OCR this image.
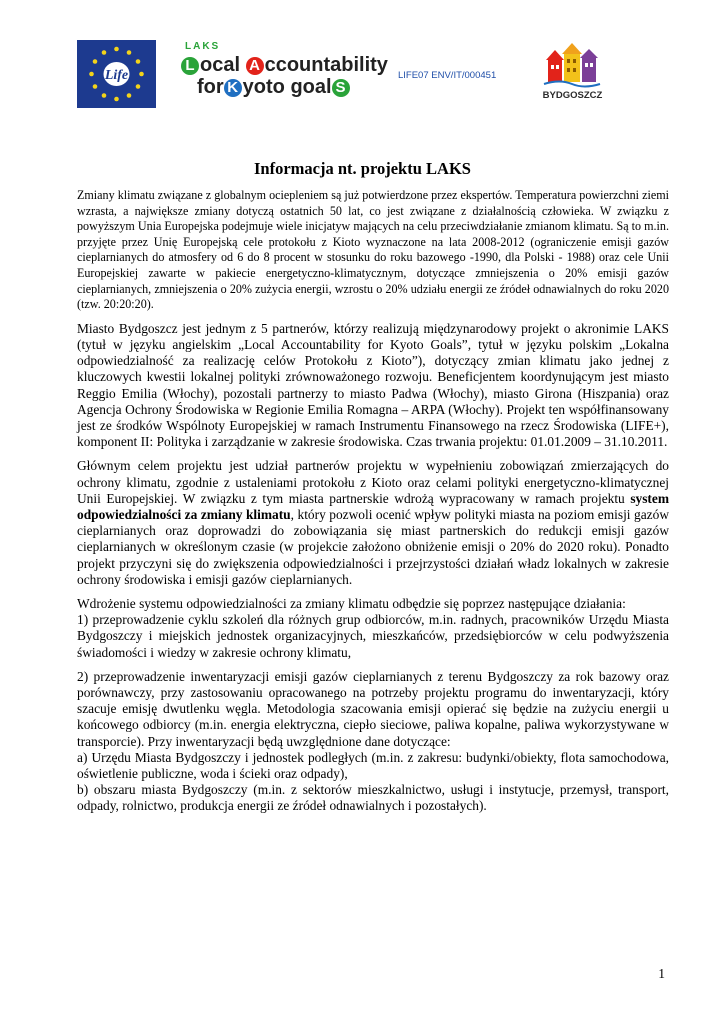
Life
LAKS
L ocal A ccountability
for K yoto goal S
LIFE07 ENV/IT/000451
BYDGOSZCZ
Informacja nt. projektu LAKS

Zmiany klimatu związane z globalnym ociepleniem są już potwierdzone przez ekspertów. Temperatura powierzchni ziemi wzrasta, a największe zmiany dotyczą ostatnich 50 lat, co jest związane z działalnością człowieka. W związku z powyższym Unia Europejska podejmuje wiele inicjatyw mających na celu przeciwdziałanie zmianom klimatu. Są to m.in. przyjęte przez Unię Europejską cele protokołu z Kioto wyznaczone na lata 2008-2012 (ograniczenie emisji gazów cieplarnianych do atmosfery od 6 do 8 procent w stosunku do roku bazowego -1990, dla Polski - 1988) oraz cele Unii Europejskiej zawarte w pakiecie energetyczno-klimatycznym, dotyczące zmniejszenia o 20% emisji gazów cieplarnianych, zmniejszenia o 20% zużycia energii, wzrostu o 20% udziału energii ze źródeł odnawialnych do roku 2020 (tzw. 20:20:20).

Miasto Bydgoszcz jest jednym z 5 partnerów, którzy realizują międzynarodowy projekt o akronimie LAKS (tytuł w języku angielskim „Local Accountability for Kyoto Goals”, tytuł w języku polskim „Lokalna odpowiedzialność za realizację celów Protokołu z Kioto”), dotyczący zmian klimatu jako jednej z kluczowych kwestii lokalnej polityki zrównoważonego rozwoju. Beneficjentem koordynującym jest miasto Reggio Emilia (Włochy), pozostali partnerzy to miasto Padwa (Włochy), miasto Girona (Hiszpania) oraz Agencja Ochrony Środowiska w Regionie Emilia Romagna – ARPA (Włochy). Projekt ten współfinansowany jest ze środków Wspólnoty Europejskiej w ramach Instrumentu Finansowego na rzecz Środowiska (LIFE+), komponent II: Polityka i zarządzanie w zakresie środowiska. Czas trwania projektu: 01.01.2009 – 31.10.2011.

Głównym celem projektu jest udział partnerów projektu w wypełnieniu zobowiązań zmierzających do ochrony klimatu, zgodnie z ustaleniami protokołu z Kioto oraz celami polityki energetyczno-klimatycznej Unii Europejskiej. W związku z tym miasta partnerskie wdrożą wypracowany w ramach projektu system odpowiedzialności za zmiany klimatu, który pozwoli ocenić wpływ polityki miasta na poziom emisji gazów cieplarnianych oraz doprowadzi do zobowiązania się miast partnerskich do redukcji emisji gazów cieplarnianych w określonym czasie (w projekcie założono obniżenie emisji o 20% do 2020 roku). Ponadto projekt przyczyni się do zwiększenia odpowiedzialności i przejrzystości działań władz lokalnych w zakresie ochrony środowiska i emisji gazów cieplarnianych.

Wdrożenie systemu odpowiedzialności za zmiany klimatu odbędzie się poprzez następujące działania:

1) przeprowadzenie cyklu szkoleń dla różnych grup odbiorców, m.in. radnych, pracowników Urzędu Miasta Bydgoszczy i miejskich jednostek organizacyjnych, mieszkańców, przedsiębiorców w celu podwyższenia świadomości i wiedzy w zakresie ochrony klimatu,

2) przeprowadzenie inwentaryzacji emisji gazów cieplarnianych z terenu Bydgoszczy za rok bazowy oraz porównawczy, przy zastosowaniu opracowanego na potrzeby projektu programu do inwentaryzacji, który szacuje emisję dwutlenku węgla. Metodologia szacowania emisji opierać się będzie na zużyciu energii u końcowego odbiorcy (m.in. energia elektryczna, ciepło sieciowe, paliwa kopalne, paliwa wykorzystywane w transporcie). Przy inwentaryzacji będą uwzględnione dane dotyczące:

a) Urzędu Miasta Bydgoszczy i jednostek podległych (m.in. z zakresu: budynki/obiekty, flota samochodowa, oświetlenie publiczne, woda i ścieki oraz odpady),

b) obszaru miasta Bydgoszczy (m.in. z sektorów mieszkalnictwo, usługi i instytucje, przemysł, transport, odpady, rolnictwo, produkcja energii ze źródeł odnawialnych i pozostałych).

1
